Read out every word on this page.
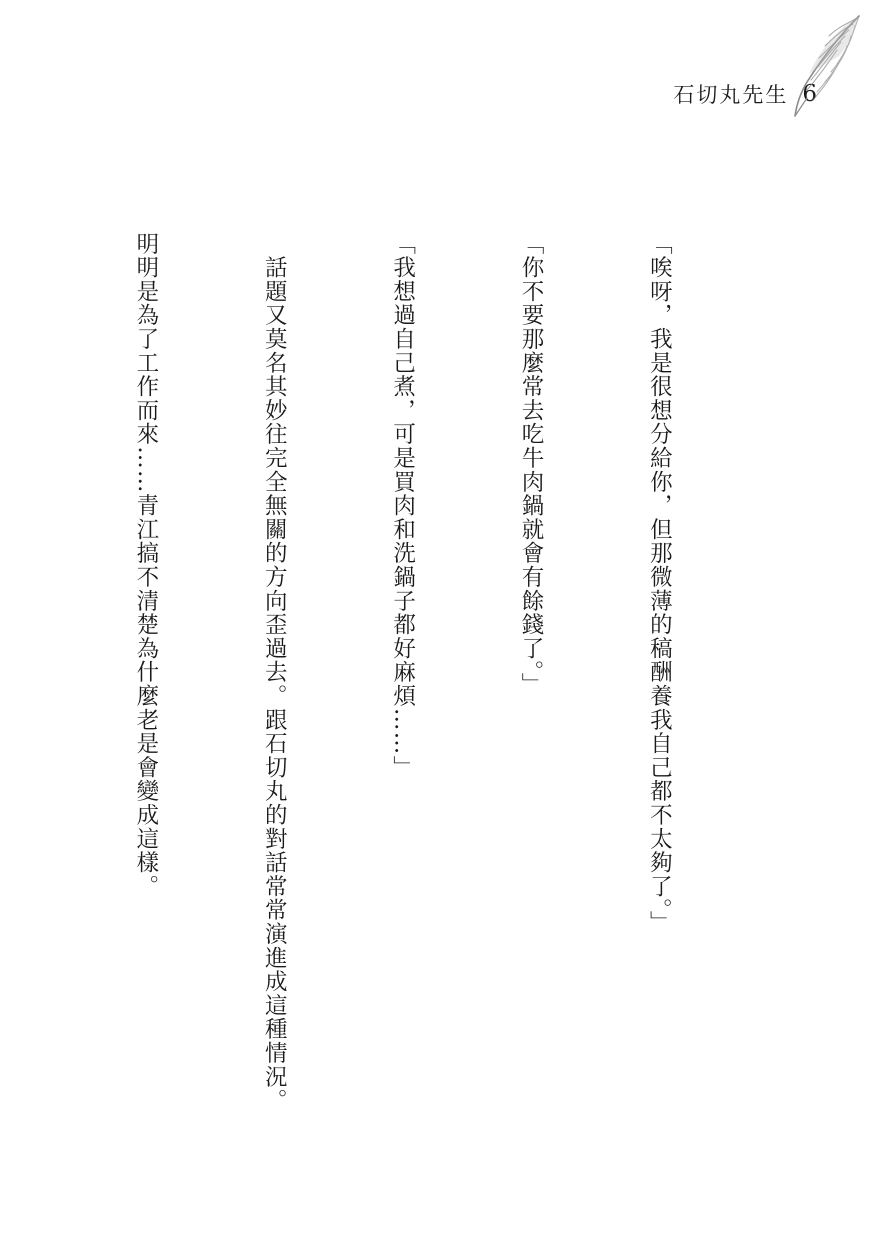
石切丸先生 6

「唉呀，我是很想分給你，但那微薄的稿酬養我自己都不太夠了。」

「你不要那麼常去吃牛肉鍋就會有餘錢了。」

「我想過自己煮，可是買肉和洗鍋子都好麻煩……」

　話題又莫名其妙往完全無關的方向歪過去。跟石切丸的對話常常演進成這種情況。

明明是為了工作而來……青江搞不清楚為什麼老是會變成這樣。
